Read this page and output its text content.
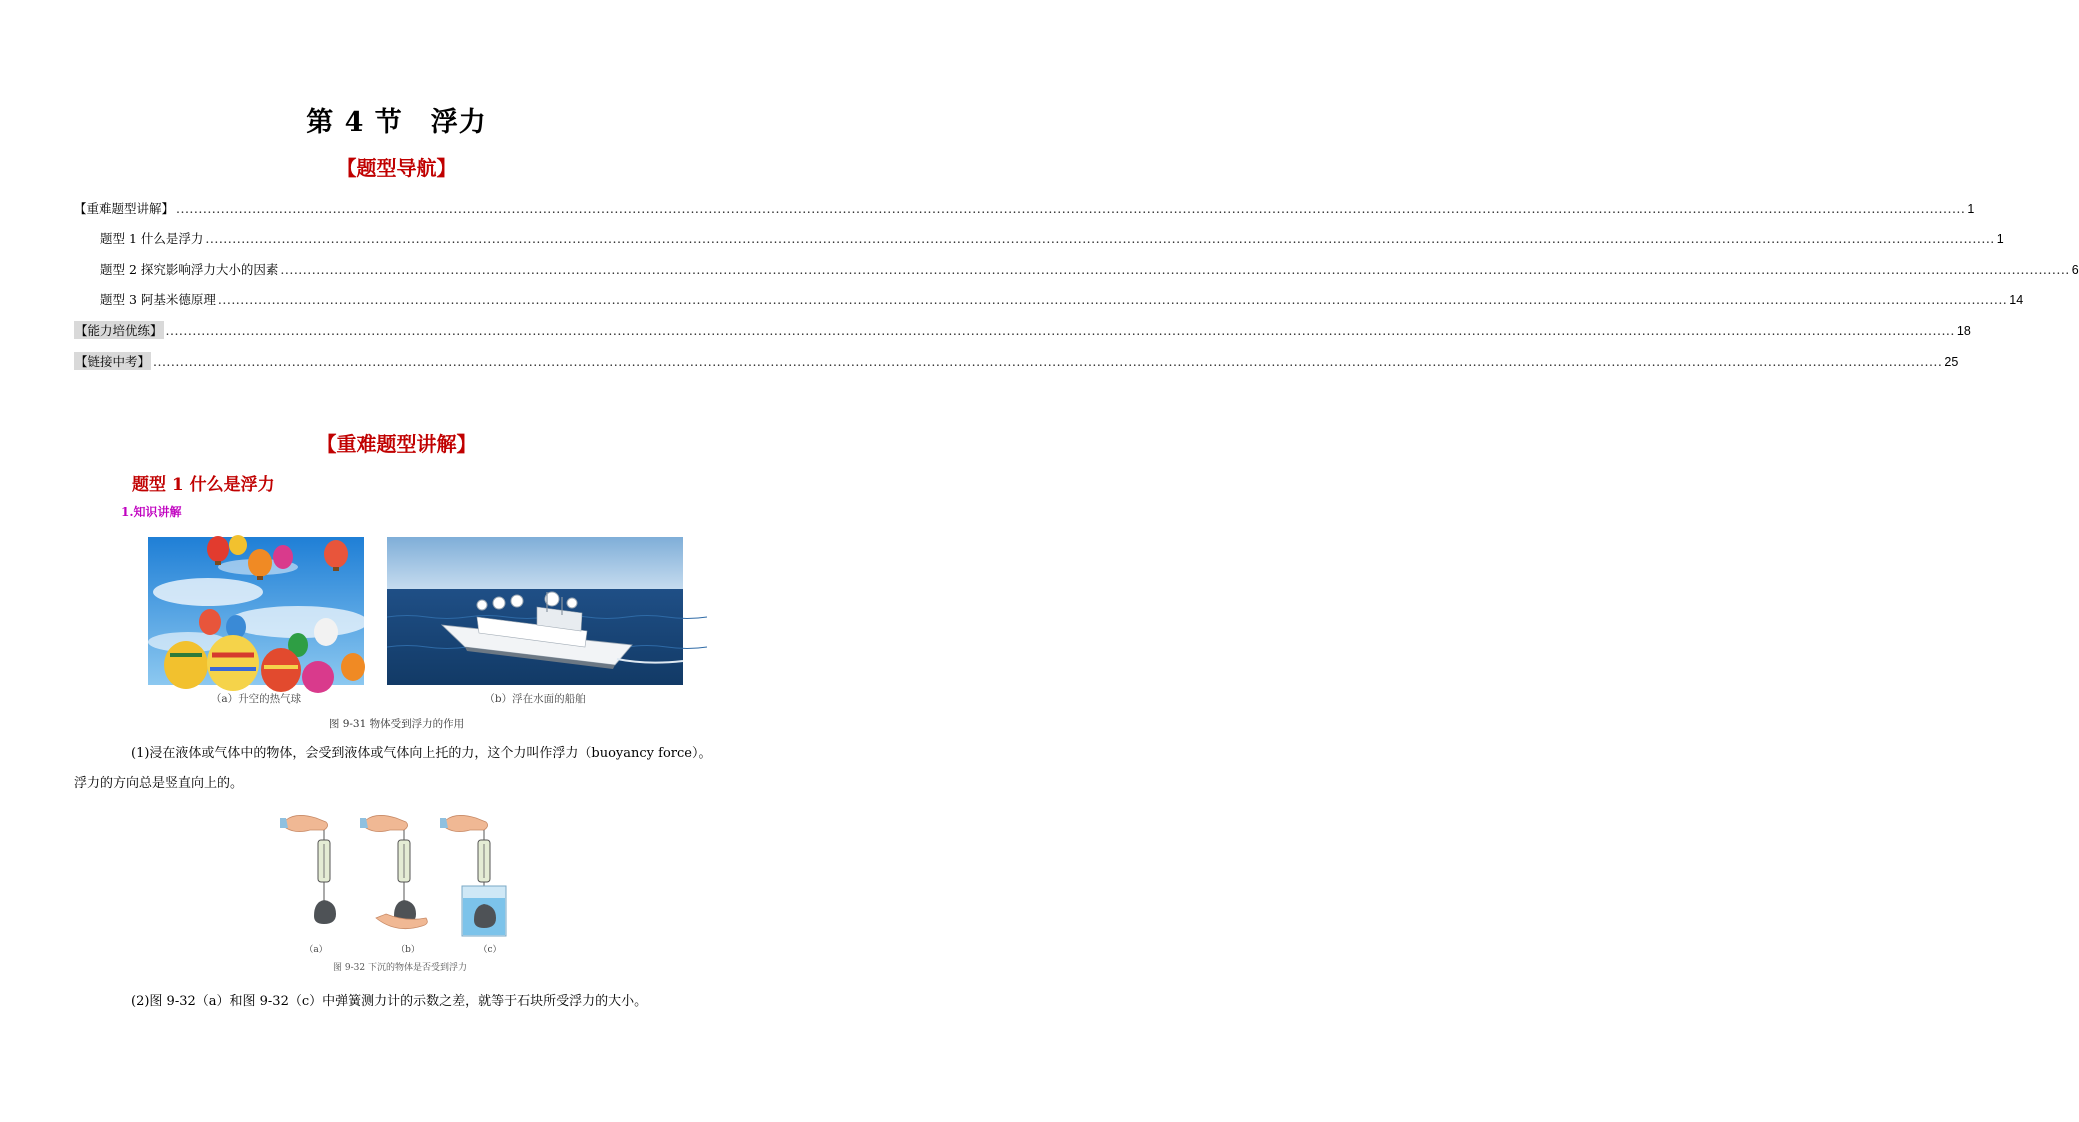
第 4 节　浮力
【题型导航】
【重难题型讲解】 ................................................................................................................................................................................................................................................................................................................................................................................................................ 1
题型 1 什么是浮力 ................................................................................................................................................................................................................................................................................................................................................................................................................ 1
题型 2 探究影响浮力大小的因素 ................................................................................................................................................................................................................................................................................................................................................................................................................ 6
题型 3 阿基米德原理 ................................................................................................................................................................................................................................................................................................................................................................................................................ 14
【能力培优练】 ................................................................................................................................................................................................................................................................................................................................................................................................................ 18
【链接中考】 ................................................................................................................................................................................................................................................................................................................................................................................................................ 25
【重难题型讲解】
题型 1 什么是浮力
1.知识讲解
（a）升空的热气球	（b）浮在水面的船舶
图 9-31 物体受到浮力的作用
(1)浸在液体或气体中的物体，会受到液体或气体向上托的力，这个力叫作浮力（buoyancy force）。
浮力的方向总是竖直向上的。
（a）	（b）	（c）
图 9-32 下沉的物体是否受到浮力
(2)图 9-32（a）和图 9-32（c）中弹簧测力计的示数之差，就等于石块所受浮力的大小。
